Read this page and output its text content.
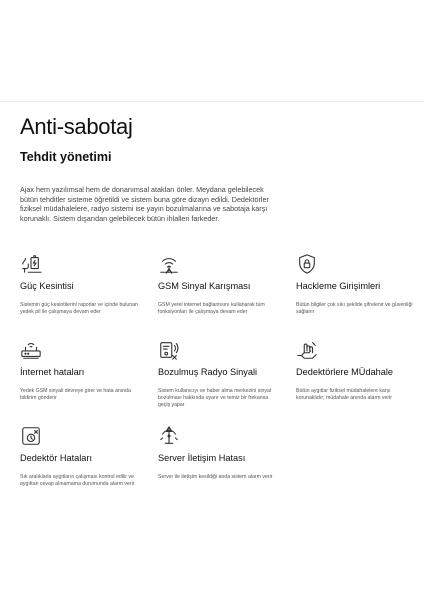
Anti-sabotaj
Tehdit yönetimi

Ajax hem yazılımsal hem de donanımsal atakları önler. Meydana gelebilecek bütün tehditler sisteme öğretildi ve sistem buna göre dizayn edildi. Dedektörler fiziksel müdahalelere, radyo sistemi ise yayın bozulmalarına ve sabotaja karşı korunaklı. Sistem dışarıdan gelebilecek bütün ihlalleri farkeder.

Güç Kesintisi
Sistemin güç kesintilerini raporlar ve içinde bulunan yedek pil ile çalışmaya devam eder
GSM Sinyal Karışması
GSM yerel internet bağlantısını kullanarak tüm fonksiyonları ile çalışmaya devam eder
Hackleme Girişimleri
Bütün bilgiler çok sıkı şekilde şifrelenir ve güvenliği sağlanır
İnternet hataları
Yedek GSM sinyali devreye girer ve hata anında bildirim gönderir
Bozulmuş Radyo Sinyali
Sistem kullanıcıyı ve haber alma merkezini sinyal bozulması hakkında uyarır ve temiz bir frekansa geçiş yapar
Dedektörlere MÜdahale
Bütün aygıtlar fiziksel müdahalelere karşı korunaklıdır; müdahale anında alarm verir
Dedektör Hataları
Sık aralıklarla aygıtların çalışması kontrol edilir ve aygıttan cevap alınamama durumunda alarm verir
Server İletişim Hatası
Server ile iletişim kesildiği anda sistem alarm verir
